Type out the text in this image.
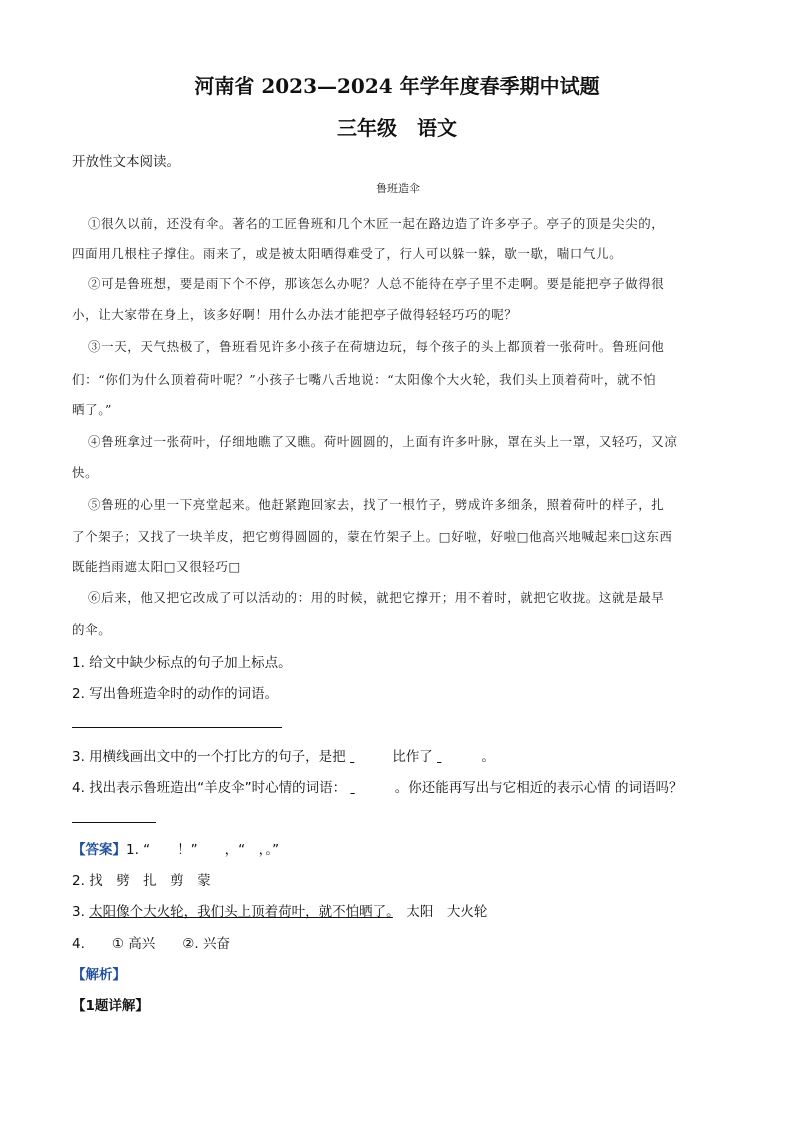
河南省 2023—2024 年学年度春季期中试题
三年级　语文
开放性文本阅读。

鲁班造伞

①很久以前，还没有伞。著名的工匠鲁班和几个木匠一起在路边造了许多亭子。亭子的顶是尖尖的，
四面用几根柱子撑住。雨来了，或是被太阳晒得难受了，行人可以躲一躲，歇一歇，喘口气儿。
②可是鲁班想，要是雨下个不停，那该怎么办呢？人总不能待在亭子里不走啊。要是能把亭子做得很
小，让大家带在身上，该多好啊！用什么办法才能把亭子做得轻轻巧巧的呢？
③一天，天气热极了，鲁班看见许多小孩子在荷塘边玩，每个孩子的头上都顶着一张荷叶。鲁班问他
们：“你们为什么顶着荷叶呢？”小孩子七嘴八舌地说：“太阳像个大火轮，我们头上顶着荷叶，就不怕
晒了。”
④鲁班拿过一张荷叶，仔细地瞧了又瞧。荷叶圆圆的，上面有许多叶脉，罩在头上一罩，又轻巧，又凉
快。
⑤鲁班的心里一下亮堂起来。他赶紧跑回家去，找了一根竹子，劈成许多细条，照着荷叶的样子，扎
了个架子；又找了一块羊皮，把它剪得圆圆的，蒙在竹架子上。□好啦，好啦□他高兴地喊起来□这东西
既能挡雨遮太阳□又很轻巧□
⑥后来，他又把它改成了可以活动的：用的时候，就把它撑开；用不着时，就把它收拢。这就是最早
的伞。
1. 给文中缺少标点的句子加上标点。
2. 写出鲁班造伞时的动作的词语。
3. 用横线画出文中的一个打比方的句子，是把	比作了	。
4. 找出表示鲁班造出“羊皮伞”时心情的词语：	。你还能再写出与它相近的表示心情 的词语吗？
【答案】1. “　　！”　　，“　，。”
2. 找　劈　扎　剪　蒙
3. 太阳像个大火轮，我们头上顶着荷叶，就不怕晒了。　太阳　大火轮
4.　　① 高兴　　②. 兴奋
【解析】
【1题详解】
